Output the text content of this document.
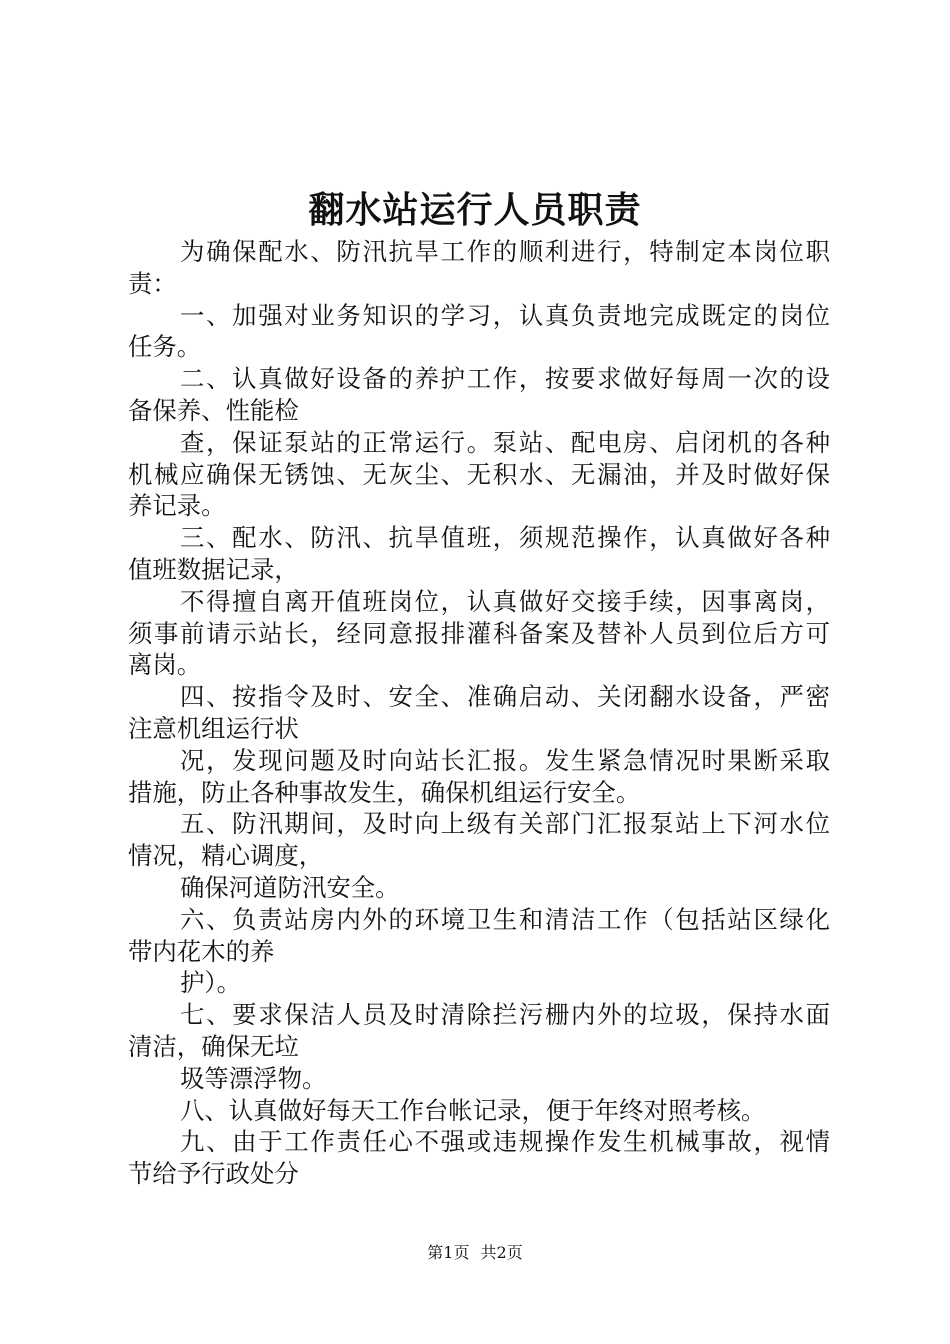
翻水站运行人员职责
为确保配水、防汛抗旱工作的顺利进行，特制定本岗位职
责：
一、加强对业务知识的学习，认真负责地完成既定的岗位
任务。
二、认真做好设备的养护工作，按要求做好每周一次的设
备保养、性能检
查，保证泵站的正常运行。泵站、配电房、启闭机的各种
机械应确保无锈蚀、无灰尘、无积水、无漏油，并及时做好保
养记录。
三、配水、防汛、抗旱值班，须规范操作，认真做好各种
值班数据记录，
不得擅自离开值班岗位，认真做好交接手续，因事离岗，
须事前请示站长，经同意报排灌科备案及替补人员到位后方可
离岗。
四、按指令及时、安全、准确启动、关闭翻水设备，严密
注意机组运行状
况，发现问题及时向站长汇报。发生紧急情况时果断采取
措施，防止各种事故发生，确保机组运行安全。
五、防汛期间，及时向上级有关部门汇报泵站上下河水位
情况，精心调度，
确保河道防汛安全。
六、负责站房内外的环境卫生和清洁工作（包括站区绿化
带内花木的养
护）。
七、要求保洁人员及时清除拦污栅内外的垃圾，保持水面
清洁，确保无垃
圾等漂浮物。
八、认真做好每天工作台帐记录，便于年终对照考核。
九、由于工作责任心不强或违规操作发生机械事故，视情
节给予行政处分
第1页 共2页
